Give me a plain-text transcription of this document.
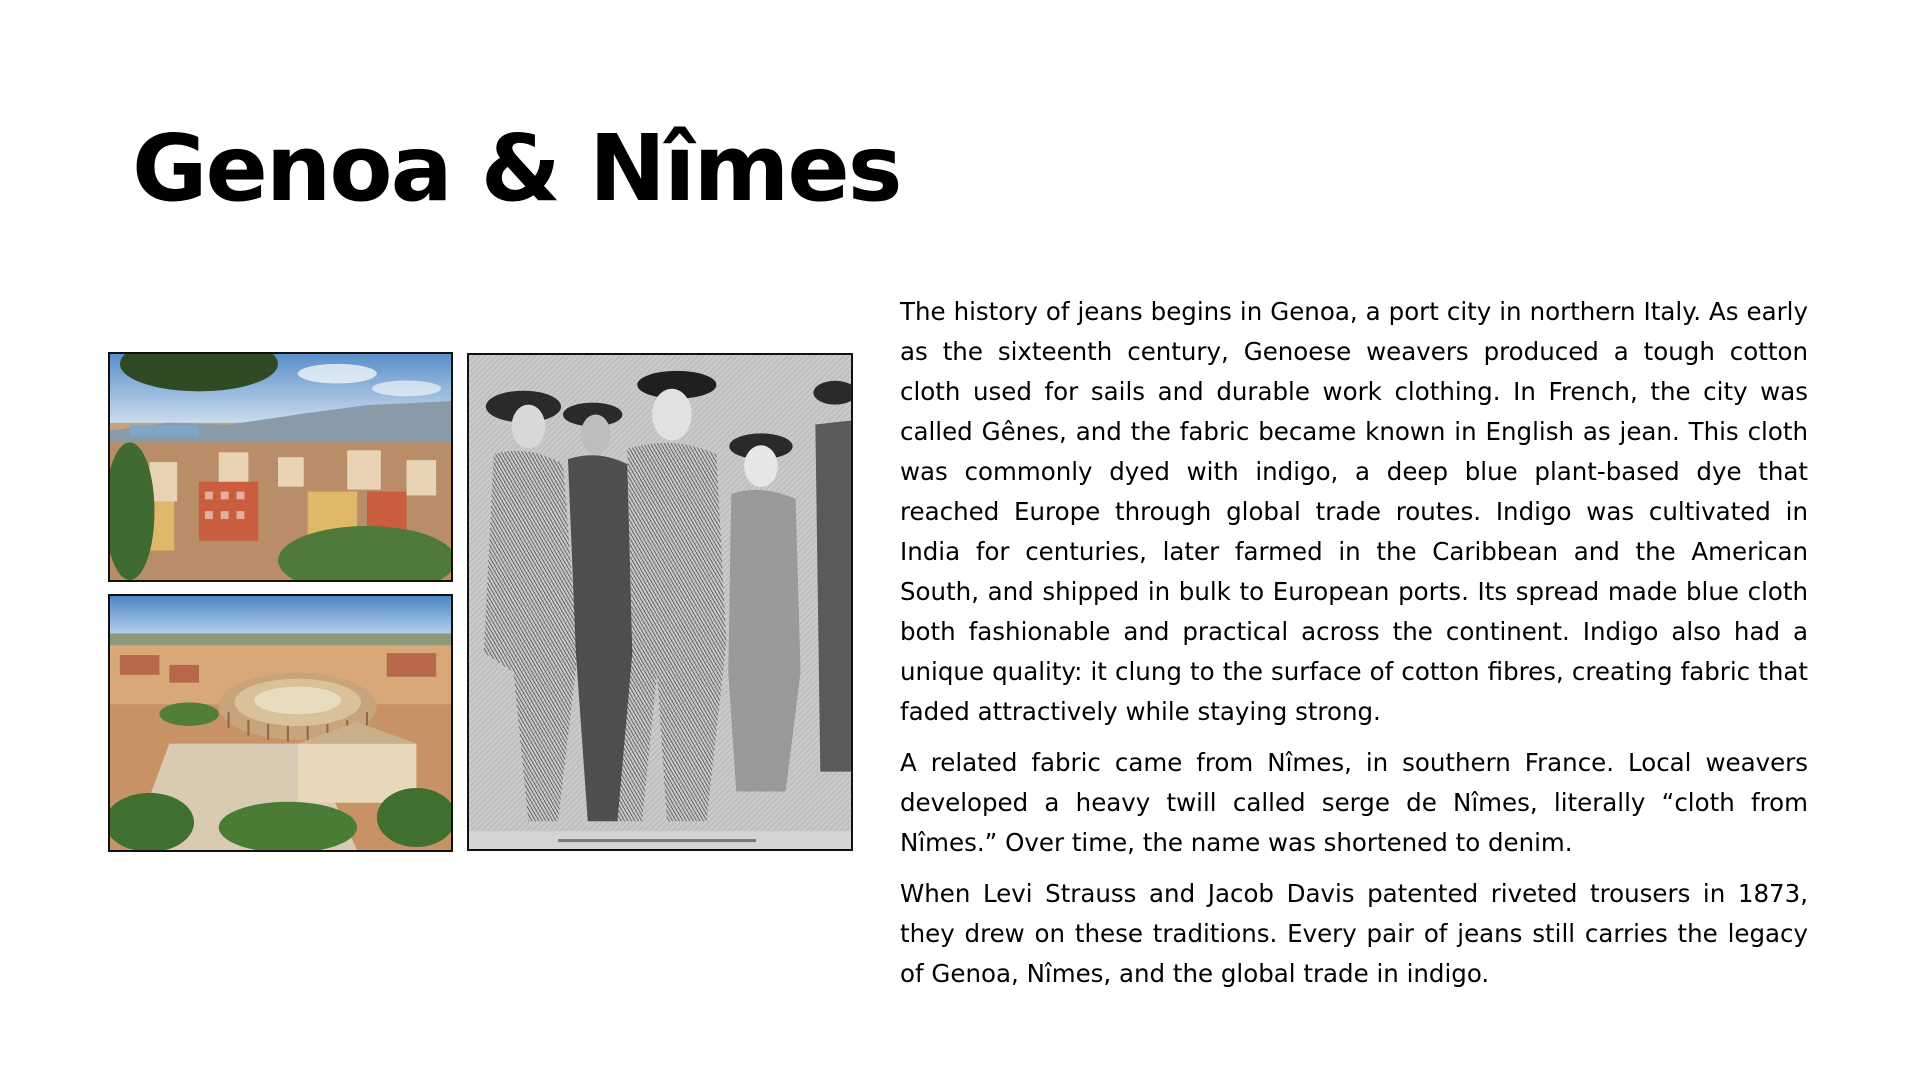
Genoa & Nîmes

The history of jeans begins in Genoa, a port city in northern Italy. As early as the sixteenth century, Genoese weavers produced a tough cotton cloth used for sails and durable work clothing. In French, the city was called Gênes, and the fabric became known in English as jean. This cloth was commonly dyed with indigo, a deep blue plant-based dye that reached Europe through global trade routes. Indigo was cultivated in India for centuries, later farmed in the Caribbean and the American South, and shipped in bulk to European ports. Its spread made blue cloth both fashionable and practical across the continent. Indigo also had a unique quality: it clung to the surface of cotton fibres, creating fabric that faded attractively while staying strong.

A related fabric came from Nîmes, in southern France. Local weavers developed a heavy twill called serge de Nîmes, literally “cloth from Nîmes.” Over time, the name was shortened to denim.

When Levi Strauss and Jacob Davis patented riveted trousers in 1873, they drew on these traditions. Every pair of jeans still carries the legacy of Genoa, Nîmes, and the global trade in indigo.
